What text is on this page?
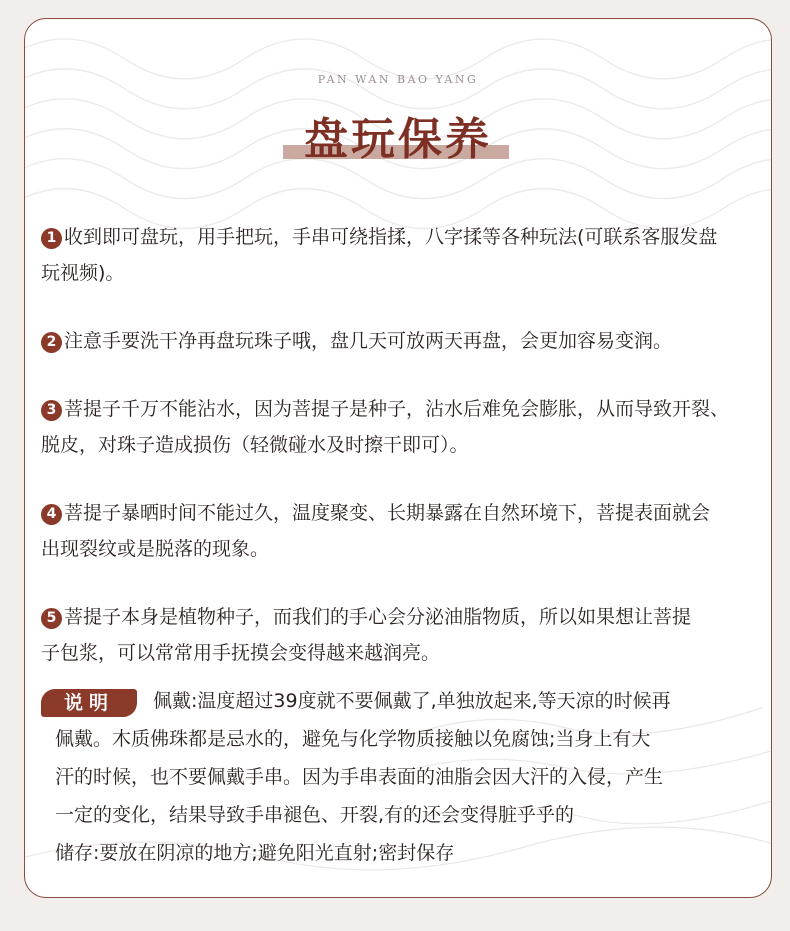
PAN WAN BAO YANG
盘玩保养
1 收到即可盘玩，用手把玩，手串可绕指揉，八字揉等各种玩法(可联系客服发盘
玩视频)。
2 注意手要洗干净再盘玩珠子哦，盘几天可放两天再盘，会更加容易变润。
3 菩提子千万不能沾水，因为菩提子是种子，沾水后难免会膨胀，从而导致开裂、
脱皮，对珠子造成损伤（轻微碰水及时擦干即可）。
4 菩提子暴晒时间不能过久，温度聚变、长期暴露在自然环境下，菩提表面就会
出现裂纹或是脱落的现象。
5 菩提子本身是植物种子，而我们的手心会分泌油脂物质，所以如果想让菩提
子包浆，可以常常用手抚摸会变得越来越润亮。
说明	佩戴:温度超过39度就不要佩戴了,单独放起来,等天凉的时候再
佩戴。木质佛珠都是忌水的，避免与化学物质接触以免腐蚀;当身上有大
汗的时候，也不要佩戴手串。因为手串表面的油脂会因大汗的入侵，产生
一定的变化，结果导致手串褪色、开裂,有的还会变得脏乎乎的
储存:要放在阴凉的地方;避免阳光直射;密封保存
